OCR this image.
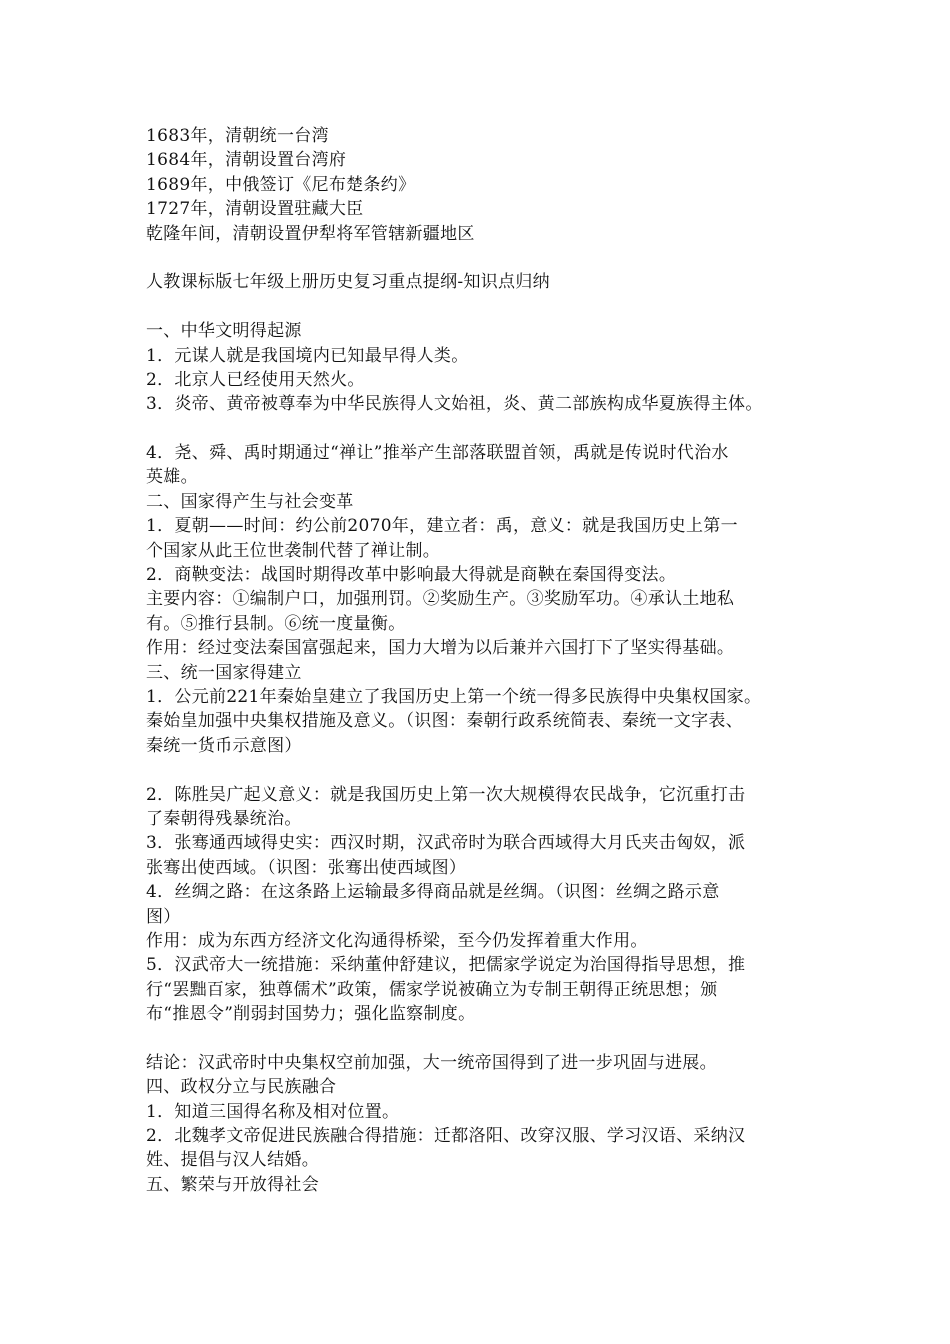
1683年，清朝统一台湾
1684年，清朝设置台湾府
1689年，中俄签订《尼布楚条约》
1727年，清朝设置驻藏大臣
乾隆年间，清朝设置伊犁将军管辖新疆地区
人教课标版七年级上册历史复习重点提纲-知识点归纳
一、中华文明得起源
1．元谋人就是我国境内已知最早得人类。
2．北京人已经使用天然火。
3．炎帝、黄帝被尊奉为中华民族得人文始祖，炎、黄二部族构成华夏族得主体。
4．尧、舜、禹时期通过“禅让”推举产生部落联盟首领，禹就是传说时代治水
英雄。
二、国家得产生与社会变革
1．夏朝——时间：约公前2070年，建立者：禹，意义：就是我国历史上第一
个国家从此王位世袭制代替了禅让制。
2．商鞅变法：战国时期得改革中影响最大得就是商鞅在秦国得变法。
主要内容：①编制户口，加强刑罚。②奖励生产。③奖励军功。④承认土地私
有。⑤推行县制。⑥统一度量衡。
作用：经过变法秦国富强起来，国力大增为以后兼并六国打下了坚实得基础。
三、统一国家得建立
1．公元前221年秦始皇建立了我国历史上第一个统一得多民族得中央集权国家。
秦始皇加强中央集权措施及意义。（识图：秦朝行政系统简表、秦统一文字表、
秦统一货币示意图）
2．陈胜吴广起义意义：就是我国历史上第一次大规模得农民战争，它沉重打击
了秦朝得残暴统治。
3．张骞通西域得史实：西汉时期，汉武帝时为联合西域得大月氏夹击匈奴，派
张骞出使西域。（识图：张骞出使西域图）
4．丝绸之路：在这条路上运输最多得商品就是丝绸。（识图：丝绸之路示意
图）
作用：成为东西方经济文化沟通得桥梁，至今仍发挥着重大作用。
5．汉武帝大一统措施：采纳董仲舒建议，把儒家学说定为治国得指导思想，推
行“罢黜百家，独尊儒术”政策，儒家学说被确立为专制王朝得正统思想；颁
布“推恩令”削弱封国势力；强化监察制度。
结论：汉武帝时中央集权空前加强，大一统帝国得到了进一步巩固与进展。
四、政权分立与民族融合
1．知道三国得名称及相对位置。
2．北魏孝文帝促进民族融合得措施：迁都洛阳、改穿汉服、学习汉语、采纳汉
姓、提倡与汉人结婚。
五、繁荣与开放得社会
